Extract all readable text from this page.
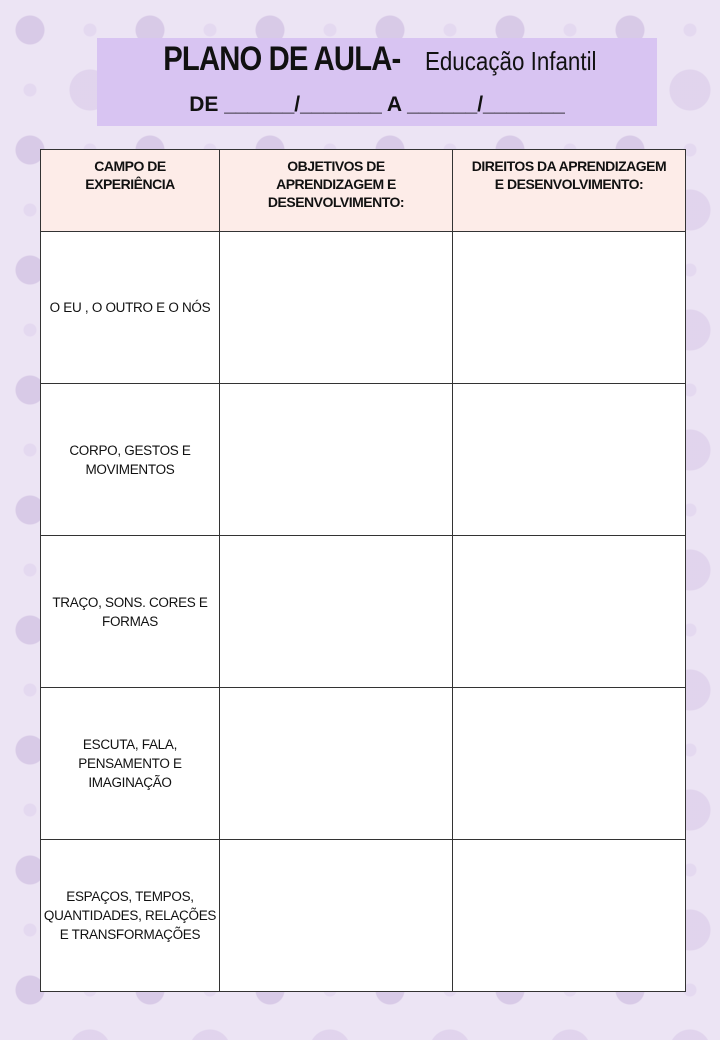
PLANO DE AULA- Educação Infantil
DE ______/_______ A ______/_______
CAMPO DE EXPERIÊNCIA	OBJETIVOS DE APRENDIZAGEM E DESENVOLVIMENTO:	DIREITOS DA APRENDIZAGEM E DESENVOLVIMENTO:

O EU , O OUTRO E O NÓS		
CORPO, GESTOS E MOVIMENTOS		
TRAÇO, SONS. CORES E FORMAS		
ESCUTA, FALA, PENSAMENTO E IMAGINAÇÃO		
ESPAÇOS, TEMPOS, QUANTIDADES, RELAÇÕES E TRANSFORMAÇÕES		
